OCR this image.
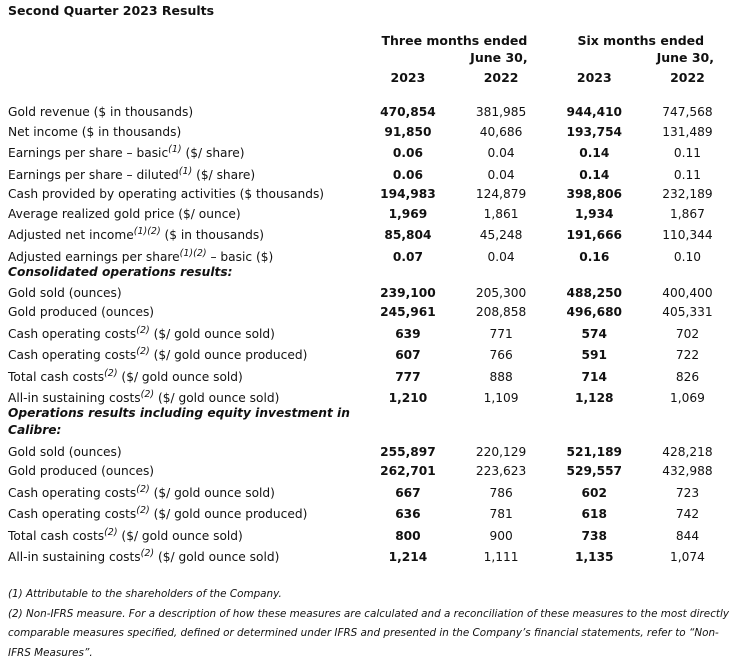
Second Quarter 2023 Results
	Three months ended		Six months ended	
	June 30,		June 30,	
	2023	2022	2023	2022

Gold revenue ($ in thousands)	470,854	381,985	944,410	747,568
Net income ($ in thousands)	91,850	40,686	193,754	131,489
Earnings per share – basic$^{(1)}$ ($/ share)	0.06	0.04	0.14	0.11
Earnings per share – diluted$^{(1)}$ ($/ share)	0.06	0.04	0.14	0.11
Cash provided by operating activities ($ thousands)	194,983	124,879	398,806	232,189
Average realized gold price ($/ ounce)	1,969	1,861	1,934	1,867
Adjusted net income$^{(1)(2)}$ ($ in thousands)	85,804	45,248	191,666	110,344
Adjusted earnings per share$^{(1)(2)}$ – basic ($)	0.07	0.04	0.16	0.10
Consolidated operations results:				
Gold sold (ounces)	239,100	205,300	488,250	400,400
Gold produced (ounces)	245,961	208,858	496,680	405,331
Cash operating costs$^{(2)}$ ($/ gold ounce sold)	639	771	574	702
Cash operating costs$^{(2)}$ ($/ gold ounce produced)	607	766	591	722
Total cash costs$^{(2)}$ ($/ gold ounce sold)	777	888	714	826
All-in sustaining costs$^{(2)}$ ($/ gold ounce sold)	1,210	1,109	1,128	1,069
Operations results including equity investment in Calibre:				
Gold sold (ounces)	255,897	220,129	521,189	428,218
Gold produced (ounces)	262,701	223,623	529,557	432,988
Cash operating costs$^{(2)}$ ($/ gold ounce sold)	667	786	602	723
Cash operating costs$^{(2)}$ ($/ gold ounce produced)	636	781	618	742
Total cash costs$^{(2)}$ ($/ gold ounce sold)	800	900	738	844
All-in sustaining costs$^{(2)}$ ($/ gold ounce sold)	1,214	1,111	1,135	1,074
(1) Attributable to the shareholders of the Company.
(2) Non-IFRS measure. For a description of how these measures are calculated and a reconciliation of these measures to the most directly comparable measures specified, defined or determined under IFRS and presented in the Company’s financial statements, refer to “Non-IFRS Measures”.
